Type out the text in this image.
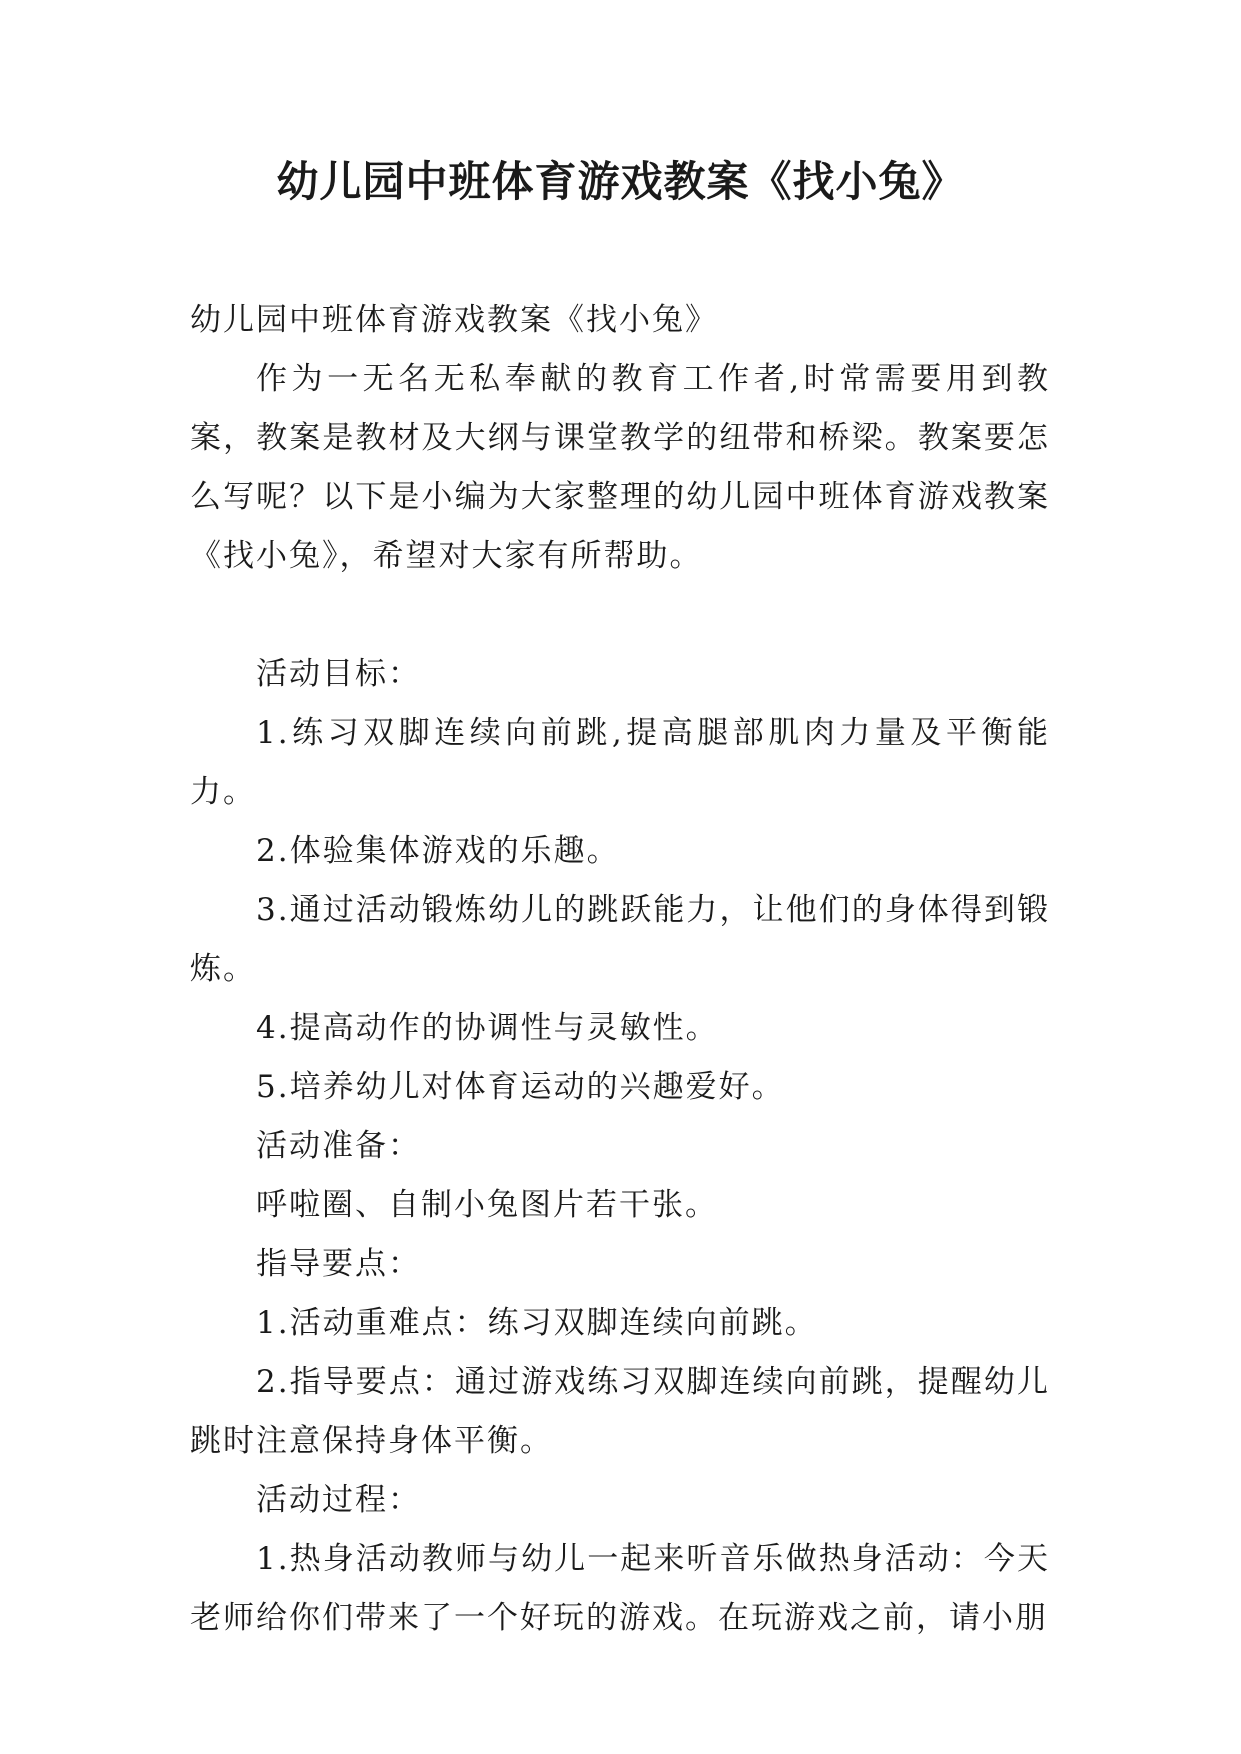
幼儿园中班体育游戏教案《找小兔》

幼儿园中班体育游戏教案《找小兔》

作为一无名无私奉献的教育工作者,时常需要用到教案，教案是教材及大纲与课堂教学的纽带和桥梁。教案要怎么写呢？以下是小编为大家整理的幼儿园中班体育游戏教案《找小兔》，希望对大家有所帮助。

活动目标：

1.练习双脚连续向前跳,提高腿部肌肉力量及平衡能力。

2.体验集体游戏的乐趣。

3.通过活动锻炼幼儿的跳跃能力，让他们的身体得到锻炼。

4.提高动作的协调性与灵敏性。

5.培养幼儿对体育运动的兴趣爱好。

活动准备：

呼啦圈、自制小兔图片若干张。

指导要点：

1.活动重难点：练习双脚连续向前跳。

2.指导要点：通过游戏练习双脚连续向前跳，提醒幼儿跳时注意保持身体平衡。

活动过程：

1.热身活动教师与幼儿一起来听音乐做热身活动：今天老师给你们带来了一个好玩的游戏。在玩游戏之前，请小朋
